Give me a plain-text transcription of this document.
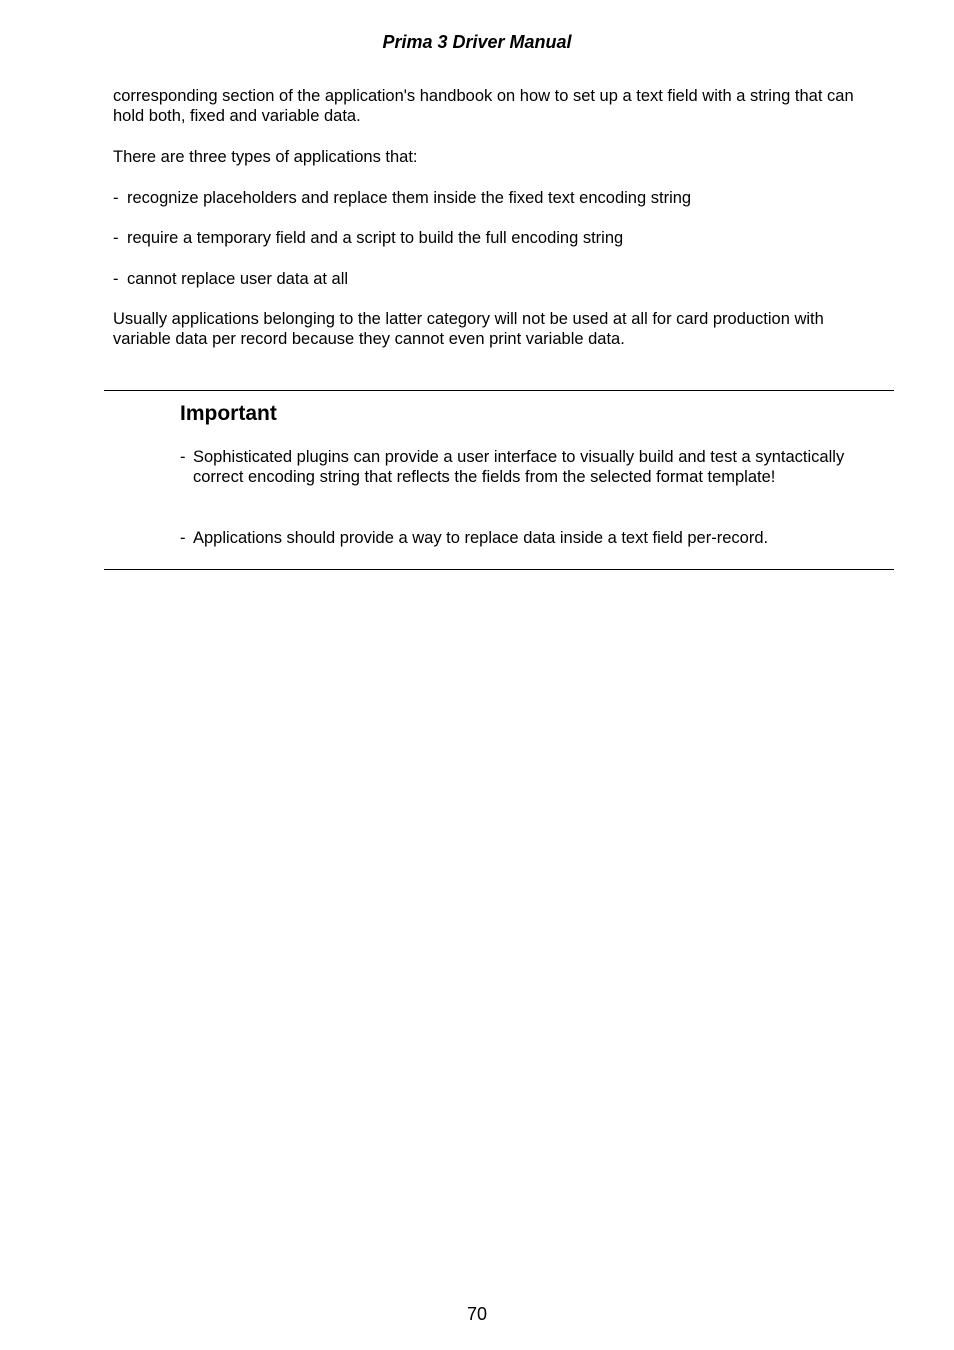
Prima 3 Driver Manual

corresponding section of the application's handbook on how to set up a text field with a string that can hold both, fixed and variable data.

There are three types of applications that:

- recognize placeholders and replace them inside the fixed text encoding string
- require a temporary field and a script to build the full encoding string
- cannot replace user data at all

Usually applications belonging to the latter category will not be used at all for card production with variable data per record because they cannot even print variable data.

Important
- Sophisticated plugins can provide a user interface to visually build and test a syntactically correct encoding string that reflects the fields from the selected format template!
- Applications should provide a way to replace data inside a text field per-record.
70
